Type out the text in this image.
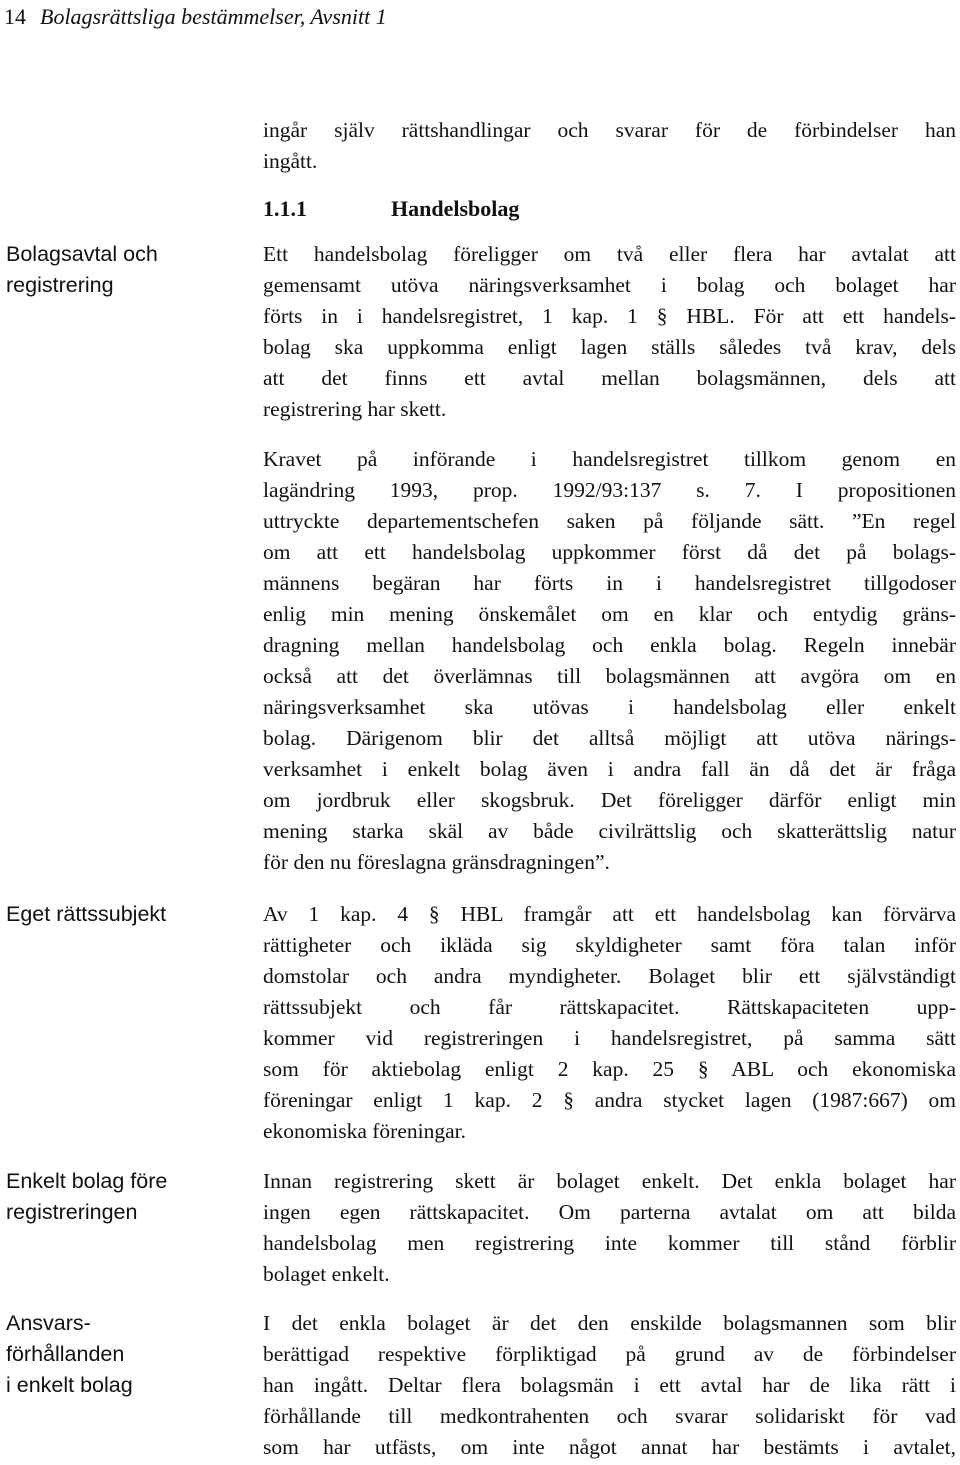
14 Bolagsrättsliga bestämmelser, Avsnitt 1
Bolagsavtal och
registrering
Eget rättssubjekt
Enkelt bolag före
registreringen
Ansvars-
förhållanden
i enkelt bolag
ingår själv rättshandlingar och svarar för de förbindelser han
ingått.
1.1.1	Handelsbolag
Ett handelsbolag föreligger om två eller flera har avtalat att
gemensamt utöva näringsverksamhet i bolag och bolaget har
förts in i handelsregistret, 1 kap. 1 § HBL. För att ett handels-
bolag ska uppkomma enligt lagen ställs således två krav, dels
att det finns ett avtal mellan bolagsmännen, dels att
registrering har skett.
Kravet på införande i handelsregistret tillkom genom en
lagändring 1993, prop. 1992/93:137 s. 7. I propositionen
uttryckte departementschefen saken på följande sätt. ”En regel
om att ett handelsbolag uppkommer först då det på bolags-
männens begäran har förts in i handelsregistret tillgodoser
enlig min mening önskemålet om en klar och entydig gräns-
dragning mellan handelsbolag och enkla bolag. Regeln innebär
också att det överlämnas till bolagsmännen att avgöra om en
näringsverksamhet ska utövas i handelsbolag eller enkelt
bolag. Därigenom blir det alltså möjligt att utöva närings-
verksamhet i enkelt bolag även i andra fall än då det är fråga
om jordbruk eller skogsbruk. Det föreligger därför enligt min
mening starka skäl av både civilrättslig och skatterättslig natur
för den nu föreslagna gränsdragningen”.
Av 1 kap. 4 § HBL framgår att ett handelsbolag kan förvärva
rättigheter och ikläda sig skyldigheter samt föra talan inför
domstolar och andra myndigheter. Bolaget blir ett självständigt
rättssubjekt och får rättskapacitet. Rättskapaciteten upp-
kommer vid registreringen i handelsregistret, på samma sätt
som för aktiebolag enligt 2 kap. 25 § ABL och ekonomiska
föreningar enligt 1 kap. 2 § andra stycket lagen (1987:667) om
ekonomiska föreningar.
Innan registrering skett är bolaget enkelt. Det enkla bolaget har
ingen egen rättskapacitet. Om parterna avtalat om att bilda
handelsbolag men registrering inte kommer till stånd förblir
bolaget enkelt.
I det enkla bolaget är det den enskilde bolagsmannen som blir
berättigad respektive förpliktigad på grund av de förbindelser
han ingått. Deltar flera bolagsmän i ett avtal har de lika rätt i
förhållande till medkontrahenten och svarar solidariskt för vad
som har utfästs, om inte något annat har bestämts i avtalet,
